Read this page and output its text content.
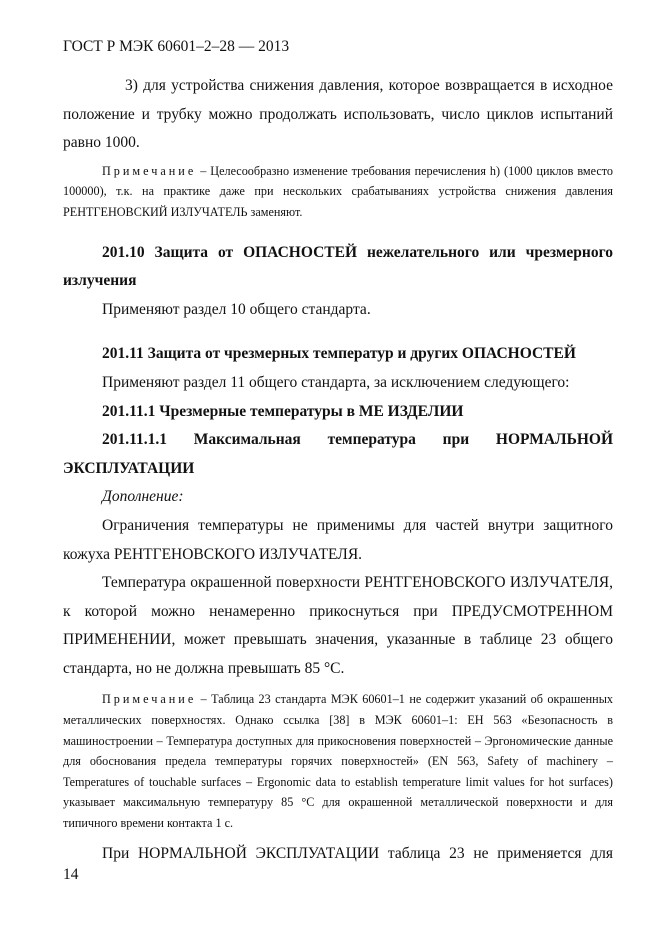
ГОСТ Р МЭК 60601–2–28 — 2013

3) для устройства снижения давления, которое возвращается в исходное положение и трубку можно продолжать использовать, число циклов испытаний равно 1000.

Примечание – Целесообразно изменение требования перечисления h) (1000 циклов вместо 100000), т.к. на практике даже при нескольких срабатываниях устройства снижения давления РЕНТГЕНОВСКИЙ ИЗЛУЧАТЕЛЬ заменяют.

201.10 Защита от ОПАСНОСТЕЙ нежелательного или чрезмерного излучения

Применяют раздел 10 общего стандарта.

201.11 Защита от чрезмерных температур и других ОПАСНОСТЕЙ

Применяют раздел 11 общего стандарта, за исключением следующего:

201.11.1 Чрезмерные температуры в МЕ ИЗДЕЛИИ

201.11.1.1 Максимальная температура при НОРМАЛЬНОЙ ЭКСПЛУАТАЦИИ

Дополнение:

Ограничения температуры не применимы для частей внутри защитного кожуха РЕНТГЕНОВСКОГО ИЗЛУЧАТЕЛЯ.

Температура окрашенной поверхности РЕНТГЕНОВСКОГО ИЗЛУЧАТЕЛЯ, к которой можно ненамеренно прикоснуться при ПРЕДУСМОТРЕННОМ ПРИМЕНЕНИИ, может превышать значения, указанные в таблице 23 общего стандарта, но не должна превышать 85 °С.

Примечание – Таблица 23 стандарта МЭК 60601–1 не содержит указаний об окрашенных металлических поверхностях. Однако ссылка [38] в МЭК 60601–1: ЕН 563 «Безопасность в машиностроении – Температура доступных для прикосновения поверхностей – Эргономические данные для обоснования предела температуры горячих поверхностей» (EN 563, Safety of machinery – Temperatures of touchable surfaces – Ergonomic data to establish temperature limit values for hot surfaces) указывает максимальную температуру 85 °С для окрашенной металлической поверхности и для типичного времени контакта 1 с.

При НОРМАЛЬНОЙ ЭКСПЛУАТАЦИИ таблица 23 не применяется для

14
